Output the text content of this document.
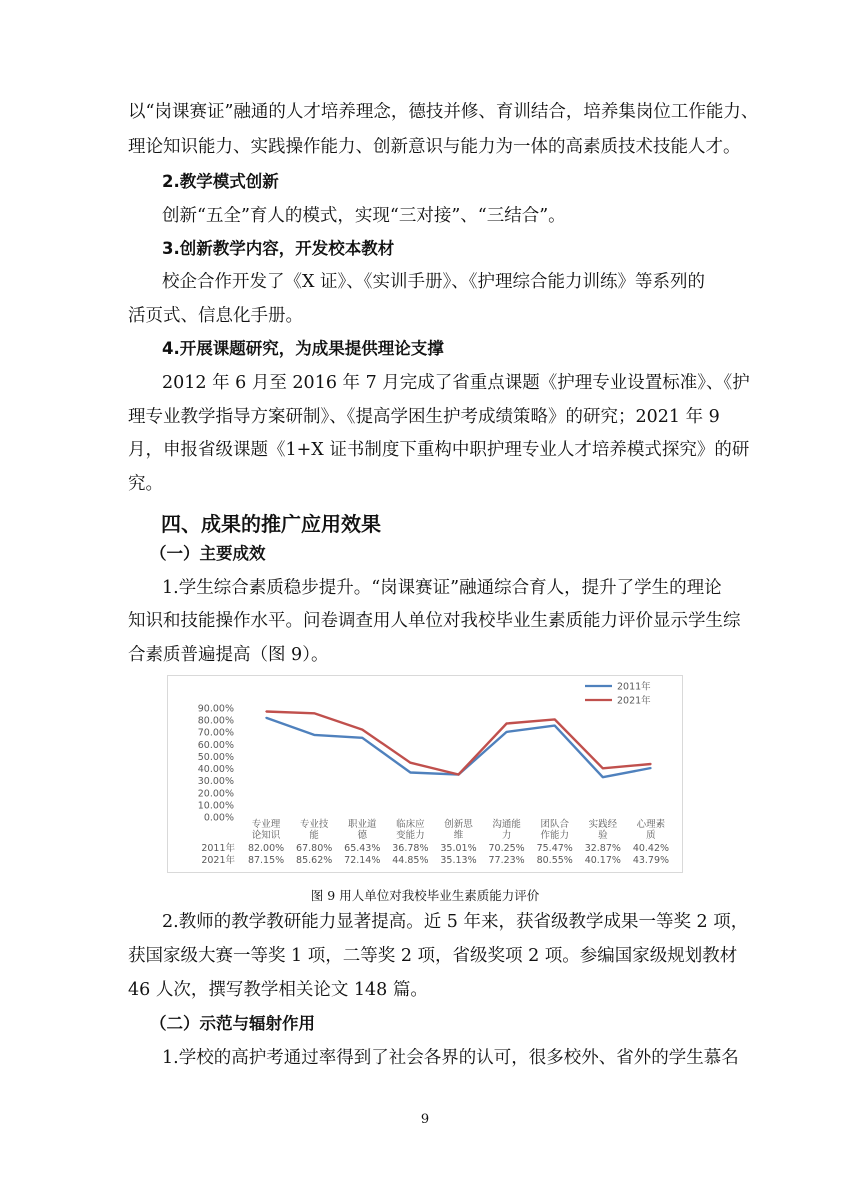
以“岗课赛证”融通的人才培养理念，德技并修、育训结合，培养集岗位工作能力、
理论知识能力、实践操作能力、创新意识与能力为一体的高素质技术技能人才。
2.教学模式创新
创新“五全”育人的模式，实现“三对接”、“三结合”。
3.创新教学内容，开发校本教材
校企合作开发了《X 证》、《实训手册》、《护理综合能力训练》等系列的
活页式、信息化手册。
4.开展课题研究，为成果提供理论支撑
2012 年 6 月至 2016 年 7 月完成了省重点课题《护理专业设置标准》、《护
理专业教学指导方案研制》、《提高学困生护考成绩策略》的研究；2021 年 9
月，申报省级课题《1+X 证书制度下重构中职护理专业人才培养模式探究》的研
究。
四、成果的推广应用效果
（一）主要成效
1.学生综合素质稳步提升。“岗课赛证”融通综合育人，提升了学生的理论
知识和技能操作水平。问卷调查用人单位对我校毕业生素质能力评价显示学生综
合素质普遍提高（图 9）。
2011年
2021年
0.00%
10.00%
20.00%
30.00%
40.00%
50.00%
60.00%
70.00%
80.00%
90.00%
专业理
论知识
专业技
能
职业道
德
临床应
变能力
创新思
维
沟通能
力
团队合
作能力
实践经
验
心理素
质
2011年 82.00% 67.80% 65.43% 36.78% 35.01% 70.25% 75.47% 32.87% 40.42%
2021年 87.15% 85.62% 72.14% 44.85% 35.13% 77.23% 80.55% 40.17% 43.79%
图 9 用人单位对我校毕业生素质能力评价
2.教师的教学教研能力显著提高。近 5 年来，获省级教学成果一等奖 2 项，
获国家级大赛一等奖 1 项，二等奖 2 项，省级奖项 2 项。参编国家级规划教材
46 人次，撰写教学相关论文 148 篇。
（二）示范与辐射作用
1.学校的高护考通过率得到了社会各界的认可，很多校外、省外的学生慕名
9
